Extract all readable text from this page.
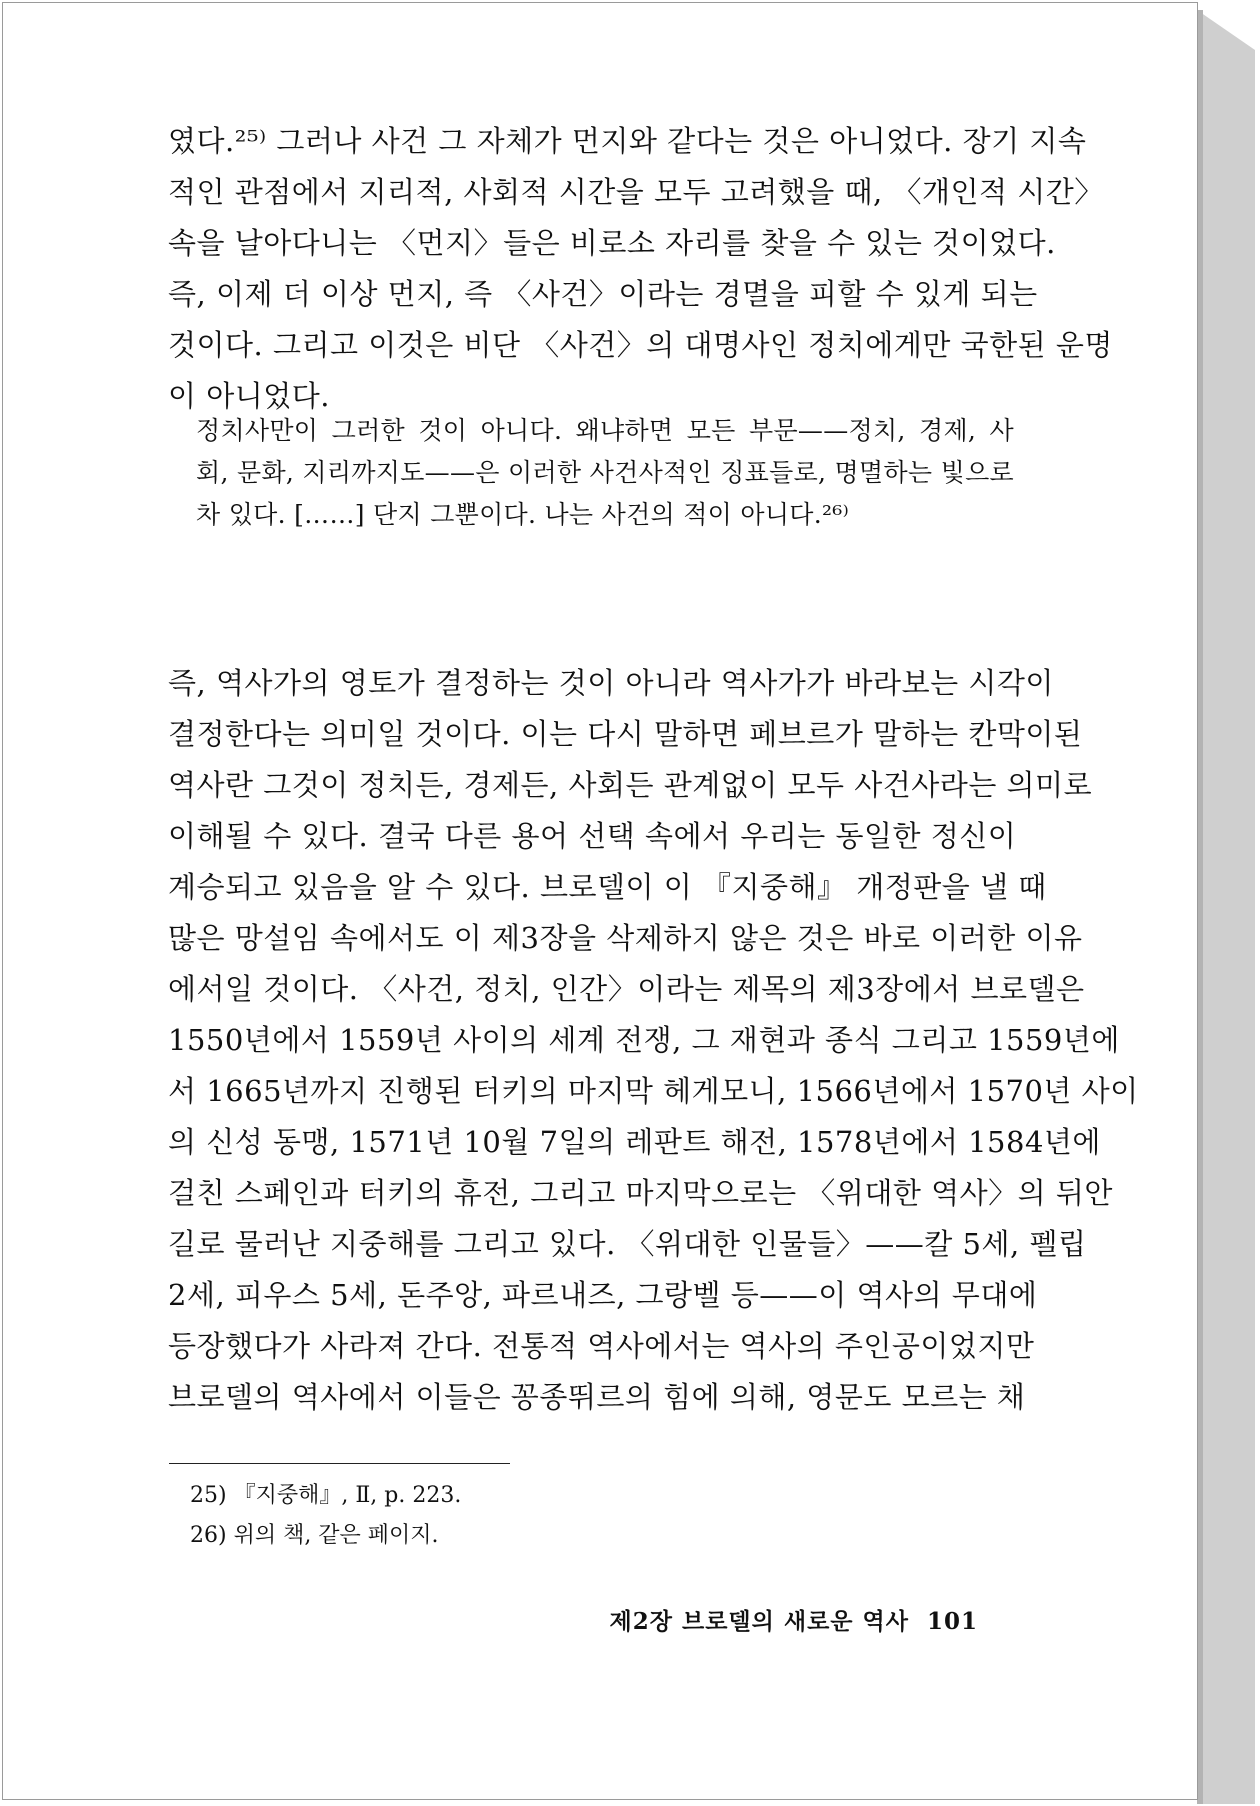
였다.²⁵⁾ 그러나 사건 그 자체가 먼지와 같다는 것은 아니었다. 장기 지속
적인 관점에서 지리적, 사회적 시간을 모두 고려했을 때, 〈개인적 시간〉
속을 날아다니는 〈먼지〉들은 비로소 자리를 찾을 수 있는 것이었다.
즉, 이제 더 이상 먼지, 즉 〈사건〉이라는 경멸을 피할 수 있게 되는
것이다. 그리고 이것은 비단 〈사건〉의 대명사인 정치에게만 국한된 운명
이 아니었다.
정치사만이 그러한 것이 아니다. 왜냐하면 모든 부문——정치, 경제, 사
회, 문화, 지리까지도——은 이러한 사건사적인 징표들로, 명멸하는 빛으로
차 있다. [……] 단지 그뿐이다. 나는 사건의 적이 아니다.²⁶⁾
즉, 역사가의 영토가 결정하는 것이 아니라 역사가가 바라보는 시각이
결정한다는 의미일 것이다. 이는 다시 말하면 페브르가 말하는 칸막이된
역사란 그것이 정치든, 경제든, 사회든 관계없이 모두 사건사라는 의미로
이해될 수 있다. 결국 다른 용어 선택 속에서 우리는 동일한 정신이
계승되고 있음을 알 수 있다. 브로델이 이 『지중해』 개정판을 낼 때
많은 망설임 속에서도 이 제3장을 삭제하지 않은 것은 바로 이러한 이유
에서일 것이다. 〈사건, 정치, 인간〉이라는 제목의 제3장에서 브로델은
1550년에서 1559년 사이의 세계 전쟁, 그 재현과 종식 그리고 1559년에
서 1665년까지 진행된 터키의 마지막 헤게모니, 1566년에서 1570년 사이
의 신성 동맹, 1571년 10월 7일의 레판트 해전, 1578년에서 1584년에
걸친 스페인과 터키의 휴전, 그리고 마지막으로는 〈위대한 역사〉의 뒤안
길로 물러난 지중해를 그리고 있다. 〈위대한 인물들〉——칼 5세, 펠립
2세, 피우스 5세, 돈주앙, 파르내즈, 그랑벨 등——이 역사의 무대에
등장했다가 사라져 간다. 전통적 역사에서는 역사의 주인공이었지만
브로델의 역사에서 이들은 꽁종뛰르의 힘에 의해, 영문도 모르는 채
25) 『지중해』, Ⅱ, p. 223.
26) 위의 책, 같은 페이지.
제2장 브로델의 새로운 역사 101
